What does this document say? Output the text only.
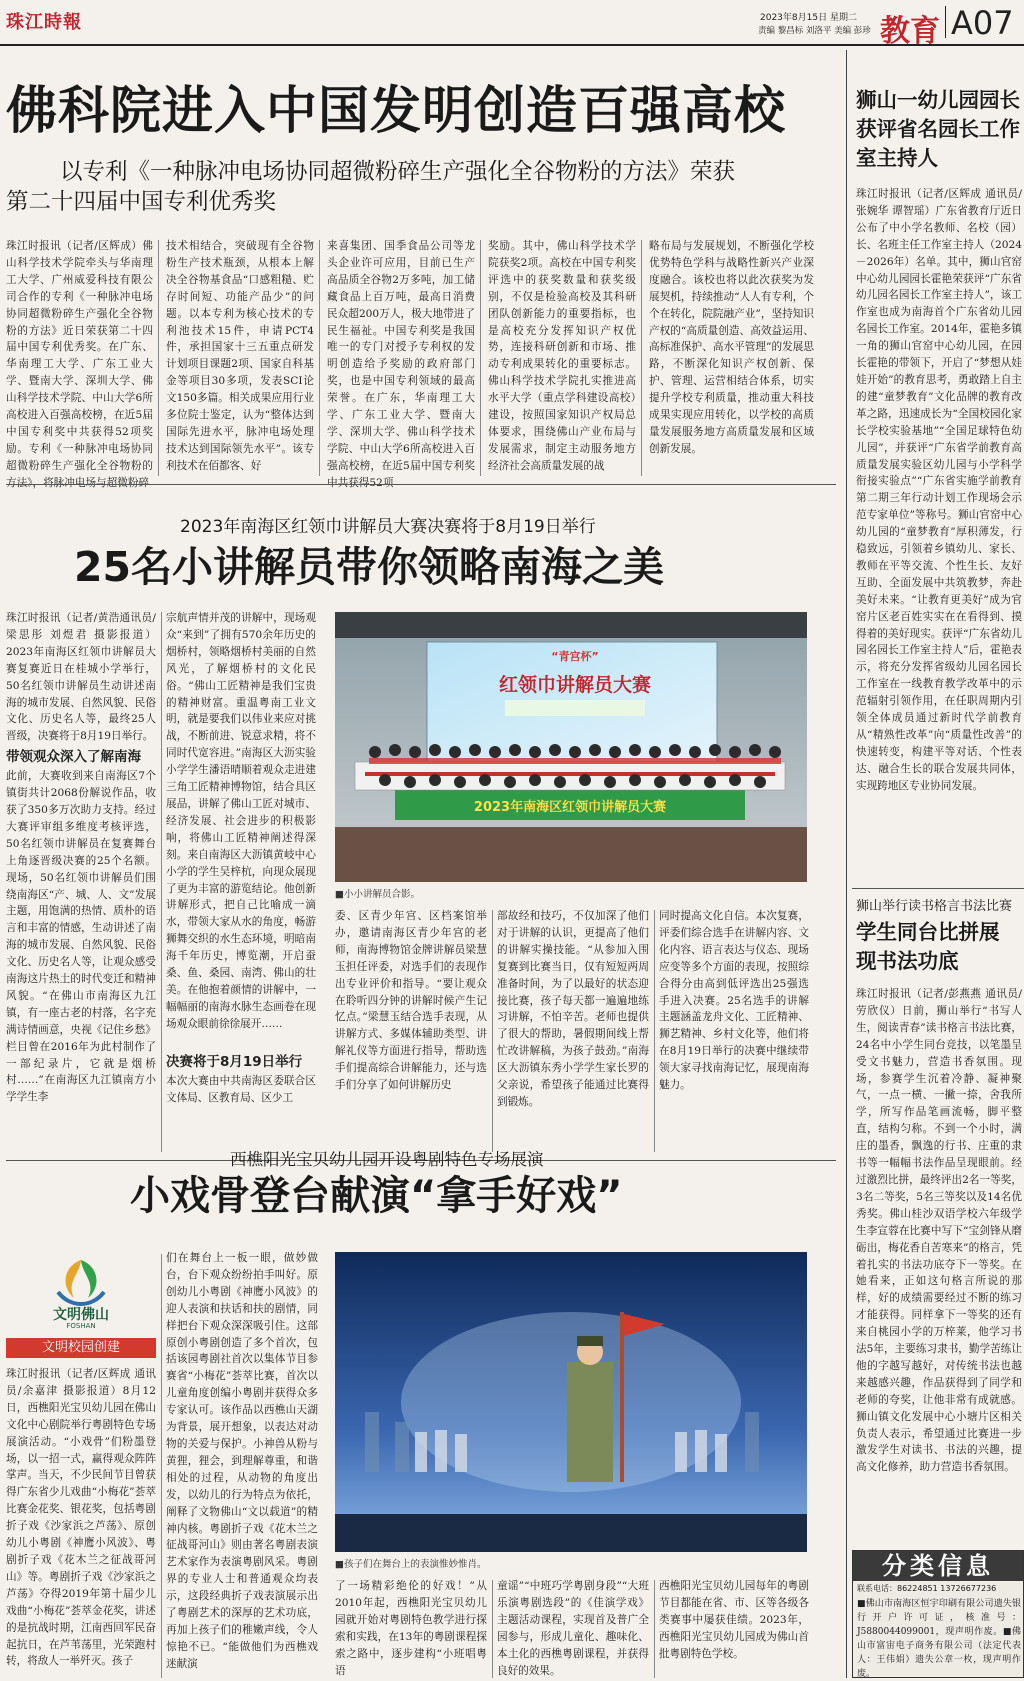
珠江時報	2023年8月15日 星期二
责编 黎昌标 刘洛平 美编 彭珍 教育 A07
佛科院进入中国发明创造百强高校
以专利《一种脉冲电场协同超微粉碎生产强化全谷物粉的方法》荣获
第二十四届中国专利优秀奖
珠江时报讯（记者/区辉成）佛山科学技术学院牵头与华南理工大学、广州威爱科技有限公司合作的专利《一种脉冲电场协同超微粉碎生产强化全谷物粉的方法》近日荣获第二十四届中国专利优秀奖。在广东、华南理工大学、广东工业大学、暨南大学、深圳大学、佛山科学技术学院、中山大学6所高校进入百强高校榜，在近5届中国专利奖中共获得52项奖励。专利《一种脉冲电场协同超微粉碎生产强化全谷物粉的方法》，将脉冲电场与超微粉碎
技术相结合，突破现有全谷物粉生产技术瓶颈，从根本上解决全谷物基食品“口感粗糙、贮存时间短、功能产品少”的问题。以本专利为核心技术的专利池技术15件，申请PCT4件，承担国家十三五重点研发计划项目课题2项、国家自科基金等项目30多项，发表SCI论文150多篇。相关成果应用行业多位院士鉴定，认为“整体达到国际先进水平，脉冲电场处理技术达到国际领先水平”。该专利技术在佰都客、好
来喜集团、国季食品公司等龙头企业许可应用，目前已生产高品质全谷物2万多吨，加工储藏食品上百万吨，最高日消费民众超200万人，极大地带进了民生福祉。中国专利奖是我国唯一的专门对授予专利权的发明创造给予奖励的政府部门奖，也是中国专利领域的最高荣誉。在广东，华南理工大学、广东工业大学、暨南大学、深圳大学、佛山科学技术学院、中山大学6所高校进入百强高校榜，在近5届中国专利奖中共获得52项
奖励。其中，佛山科学技术学院获奖2项。高校在中国专利奖评选中的获奖数量和获奖级别，不仅是检验高校及其科研团队创新能力的重要指标，也是高校充分发挥知识产权优势，连接科研创新和市场、推动专利成果转化的重要标志。佛山科学技术学院扎实推进高水平大学（重点学科建设高校）建设，按照国家知识产权局总体要求，围绕佛山产业布局与发展需求，制定主动服务地方经济社会高质量发展的战
略布局与发展规划，不断强化学校优势特色学科与战略性新兴产业深度融合。该校也将以此次获奖为发展契机，持续推动“人人有专利，个个在转化，院院融产业”，坚持知识产权的“高质量创造、高效益运用、高标准保护、高水平管理”的发展思路，不断深化知识产权创新、保护、管理、运营相结合体系，切实提升学校专利质量，推动重大科技成果实现应用转化，以学校的高质量发展服务地方高质量发展和区域创新发展。
2023年南海区红领巾讲解员大赛决赛将于8月19日举行
25名小讲解员带你领略南海之美

珠江时报讯（记者/黄浩通讯员/梁思彤 刘煜君 摄影报道）2023年南海区红领巾讲解员大赛复赛近日在桂城小学举行，50名红领巾讲解员生动讲述南海的城市发展、自然风貌、民俗文化、历史名人等，最终25人晋级，决赛将于8月19日举行。

带领观众深入了解南海

此前，大赛收到来自南海区7个镇街共计2068份解说作品，收获了350多万次助力支持。经过大赛评审组多维度考核评选，50名红领巾讲解员在复赛舞台上角逐晋级决赛的25个名额。现场，50名红领巾讲解员们围绕南海区“产、城、人、文”发展主题，用饱满的热情、质朴的语言和丰富的情感，生动讲述了南海的城市发展、自然风貌、民俗文化、历史名人等，让观众感受南海这片热土的时代变迁和精神风貌。“在佛山市南海区九江镇，有一座古老的村落，名字充满诗情画意，央视《记住乡愁》栏目曾在2016年为此村制作了一部纪录片，它就是烟桥村……”在南海区九江镇南方小学学生李

宗航声情并茂的讲解中，现场观众“来到”了拥有570余年历史的烟桥村，领略烟桥村美丽的自然风光，了解烟桥村的文化民俗。“佛山工匠精神是我们宝贵的精神财富。重温粤南工业文明，就是要我们以伟业来应对挑战，不断前进、锐意求精，将不同时代宽容进。”南海区大沥实验小学学生潘语晴顺着观众走进建三角工匠精神博物馆，结合具区展品，讲解了佛山工匠对城市、经济发展、社会进步的积极影响，将佛山工匠精神阐述得深刻。来自南海区大沥镇黄岐中心小学的学生吴梓杭，向现众展现了更为丰富的游览结论。他创新讲解形式，把自己比喻成一滴水，带领大家从水的角度，畅游狮舞交织的水生态环境，明暗南海千年历史，博览潮，开启蚕桑、鱼、桑园、南湾、佛山的壮美。在他抱着颜情的讲解中，一幅幅丽的南海水脉生态画卷在现场观众眼前徐徐展开……

决赛将于8月19日举行

本次大赛由中共南海区委联合区文体局、区教育局、区少工

红领巾讲解员大赛
“青宫杯”
2023年南海区红领巾讲解员大赛
■小小讲解员合影。
委、区青少年宫、区档案馆举办，邀请南海区青少年宫的老师，南海博物馆金牌讲解员梁慧玉担任评委，对选手们的表现作出专业评价和指导。“要让观众在聆听四分钟的讲解时候产生记忆点。”梁慧玉结合选手表现，从讲解方式、多媒体辅助类型、讲解礼仪等方面进行指导，帮助选手们提高综合讲解能力，还与选手们分享了如何讲解历史
部故经和技巧，不仅加深了他们对于讲解的认识，更提高了他们的讲解实操技能。“从参加入围复赛到比赛当日，仅有短短两周准备时间，为了以最好的状态迎接比赛，孩子每天都一遍遍地练习讲解，不怕辛苦。老师也提供了很大的帮助，暑假期间线上帮忙改讲解稿，为孩子鼓劲。”南海区大沥镇东秀小学学生家长罗的父亲说，希望孩子能通过比赛得到锻炼。
同时提高文化自信。本次复赛，评委们综合选手在讲解内容、文化内容、语言表达与仪态、现场应变等多个方面的表现，按照综合得分由高到低评选出25强选手进入决赛。25名选手的讲解主题涵盖龙舟文化、工匠精神、狮艺精神、乡村文化等，他们将在8月19日举行的决赛中继续带领大家寻找南海记忆，展现南海魅力。
西樵阳光宝贝幼儿园开设粤剧特色专场展演
小戏骨登台献演“拿手好戏”
文明佛山
FOSHAN
文明校园创建
珠江时报讯（记者/区辉成 通讯员/余嘉津 摄影报道）8月12日，西樵阳光宝贝幼儿园在佛山文化中心剧院举行粤剧特色专场展演活动。“小戏骨”们粉墨登场，以一招一式，赢得观众阵阵掌声。当天，不少民间节目曾获得广东省少儿戏曲“小梅花”荟萃比赛金花奖、银花奖，包括粤剧折子戏《沙家浜之芦荡》、原创幼儿小粤剧《神鹰小风波》、粤剧折子戏《花木兰之征战哥河山》等。粤剧折子戏《沙家浜之芦荡》夺得2019年第十届少儿戏曲“小梅花”荟萃金花奖，讲述的是抗战时期，江南西回军民奋起抗日，在芦苇荡里，光荣跑村转，将敌人一举歼灭。孩子
们在舞台上一板一眼，做妙做台，台下观众纷纷拍手叫好。原创幼儿小粤剧《神鹰小风波》的迎人表演和扶话和扶的剧情，同样把台下观众深深吸引住。这部原创小粤剧创造了多个首次，包括该园粤剧社首次以集体节目参赛省“小梅花”荟萃比赛，首次以儿童角度创编小粤剧并获得众多专家认可。该作品以西樵山天湖为背景，展开想象，以表达对动物的关爱与保护。小神兽从粉与黄狸，狸会，到理解尊重，和谐相处的过程，从动物的角度出发，以幼儿的行为特点为依托，阐释了文物佛山“文以载道”的精神内核。粤剧折子戏《花木兰之征战哥河山》则由著名粤剧表演艺术家作为表演粤剧风采。粤剧界的专业人士和普通观众均表示，这段经典折子戏表演展示出了粤剧艺术的深厚的艺术功底，再加上孩子们的稚嫩声线，令人惊艳不已。“能做他们为西樵戏迷献演
■孩子们在舞台上的表演惟妙惟肖。
了一场精彩绝伦的好戏！”从2010年起，西樵阳光宝贝幼儿园就开始对粤剧特色教学进行探索和实践，在13年的粤剧课程探索之路中，逐步建构“小班唱粤语
童谣”“中班巧学粤剧身段”“大班乐演粤剧选段”的《佳演学戏》主题活动课程，实现首及普广全园参与，形成儿童化、趣味化、本土化的西樵粤剧课程，并获得良好的效果。
西樵阳光宝贝幼儿园每年的粤剧节目都能在省、市、区等各级各类赛事中屡获佳绩。2023年，西樵阳光宝贝幼儿园成为佛山首批粤剧特色学校。
狮山一幼儿园园长获评省名园长工作室主持人
珠江时报讯（记者/区辉成 通讯员/张婉华 谭智瑶）广东省教育厅近日公布了中小学名教师、名校（园）长、名班主任工作室主持人（2024－2026年）名单。其中，狮山官窑中心幼儿园园长霍艳荣获评“广东省幼儿园名园长工作室主持人”，该工作室也成为南海首个广东省幼儿园名园长工作室。2014年，霍艳多镇一角的狮山官窑中心幼儿园，在园长霍艳的带领下，开启了“梦想从娃娃开始”的教育思考，勇敢踏上自主的建“童梦教育”文化品牌的教育改革之路，迅速成长为“全国校园化家长学校实验基地”“全国足球特色幼儿园”，并获评“广东省学前教育高质量发展实验区幼儿园与小学科学衔接实验点”“广东省实施学前教育第二期三年行动计划工作现场会示范专家单位”等称号。狮山官窑中心幼儿园的“童梦教育”厚积薄发，行稳致远，引领着乡镇幼儿、家长、教师在平等交流、个性生长、友好互助、全面发展中共筑教梦，奔赴美好未来。“让教育更美好”成为官窑片区老百姓实实在在看得到、摸得着的美好现实。获评“广东省幼儿园名园长工作室主持人”后，霍艳表示，将充分发挥省级幼儿园名园长工作室在一线教育教学改革中的示范辐射引领作用，在任职周期内引领全体成员通过新时代学前教育从“精熟性改革”向“质量性改善”的快速转变，构建平等对话、个性表达、融合生长的联合发展共同体，实现跨地区专业协同发展。
狮山举行读书格言书法比赛
学生同台比拼展现书法功底
珠江时报讯（记者/彭燕燕 通讯员/劳欣仪）日前，狮山举行“书写人生，阅读青春”读书格言书法比赛，24名中小学生同台竞技，以笔墨呈受文书魅力，营造书香氛围。现场，参赛学生沉着冷静、凝神聚气，一点一横、一撇一捺，舍我所学，所写作品笔画流畅，脚平整直，结构匀称。不到一个小时，满庄的墨香，飘逸的行书、庄重的隶书等一幅幅书法作品呈现眼前。经过激烈比拼，最终评出2名一等奖，3名二等奖，5名三等奖以及14名优秀奖。佛山桂沙双语学校六年级学生李宣蓉在比赛中写下“宝剑锋从磨砺出，梅花香自苦寒来”的格言，凭着扎实的书法功底夺下一等奖。在她看来，正如这句格言所说的那样，好的成绩需要经过不断的练习才能获得。同样拿下一等奖的还有来自桃园小学的万梓莱，他学习书法5年，主要练习隶书，勤学苦练让他的字越写越好，对传统书法也越来越感兴趣，作品获得到了同学和老师的夸奖，让他非常有成就感。狮山镇文化发展中心小塘片区相关负责人表示，希望通过比赛进一步激发学生对读书、书法的兴趣，提高文化修养，助力营造书香氛围。
分类信息
联系电话：86224851 13726677236
■佛山市南海区恒宇印刷有限公司遗失银行开户许可证，核准号：J5880044099001，现声明作废。■佛山市富宙电子商务有限公司（法定代表人：王伟娟）遗失公章一枚，现声明作废。
